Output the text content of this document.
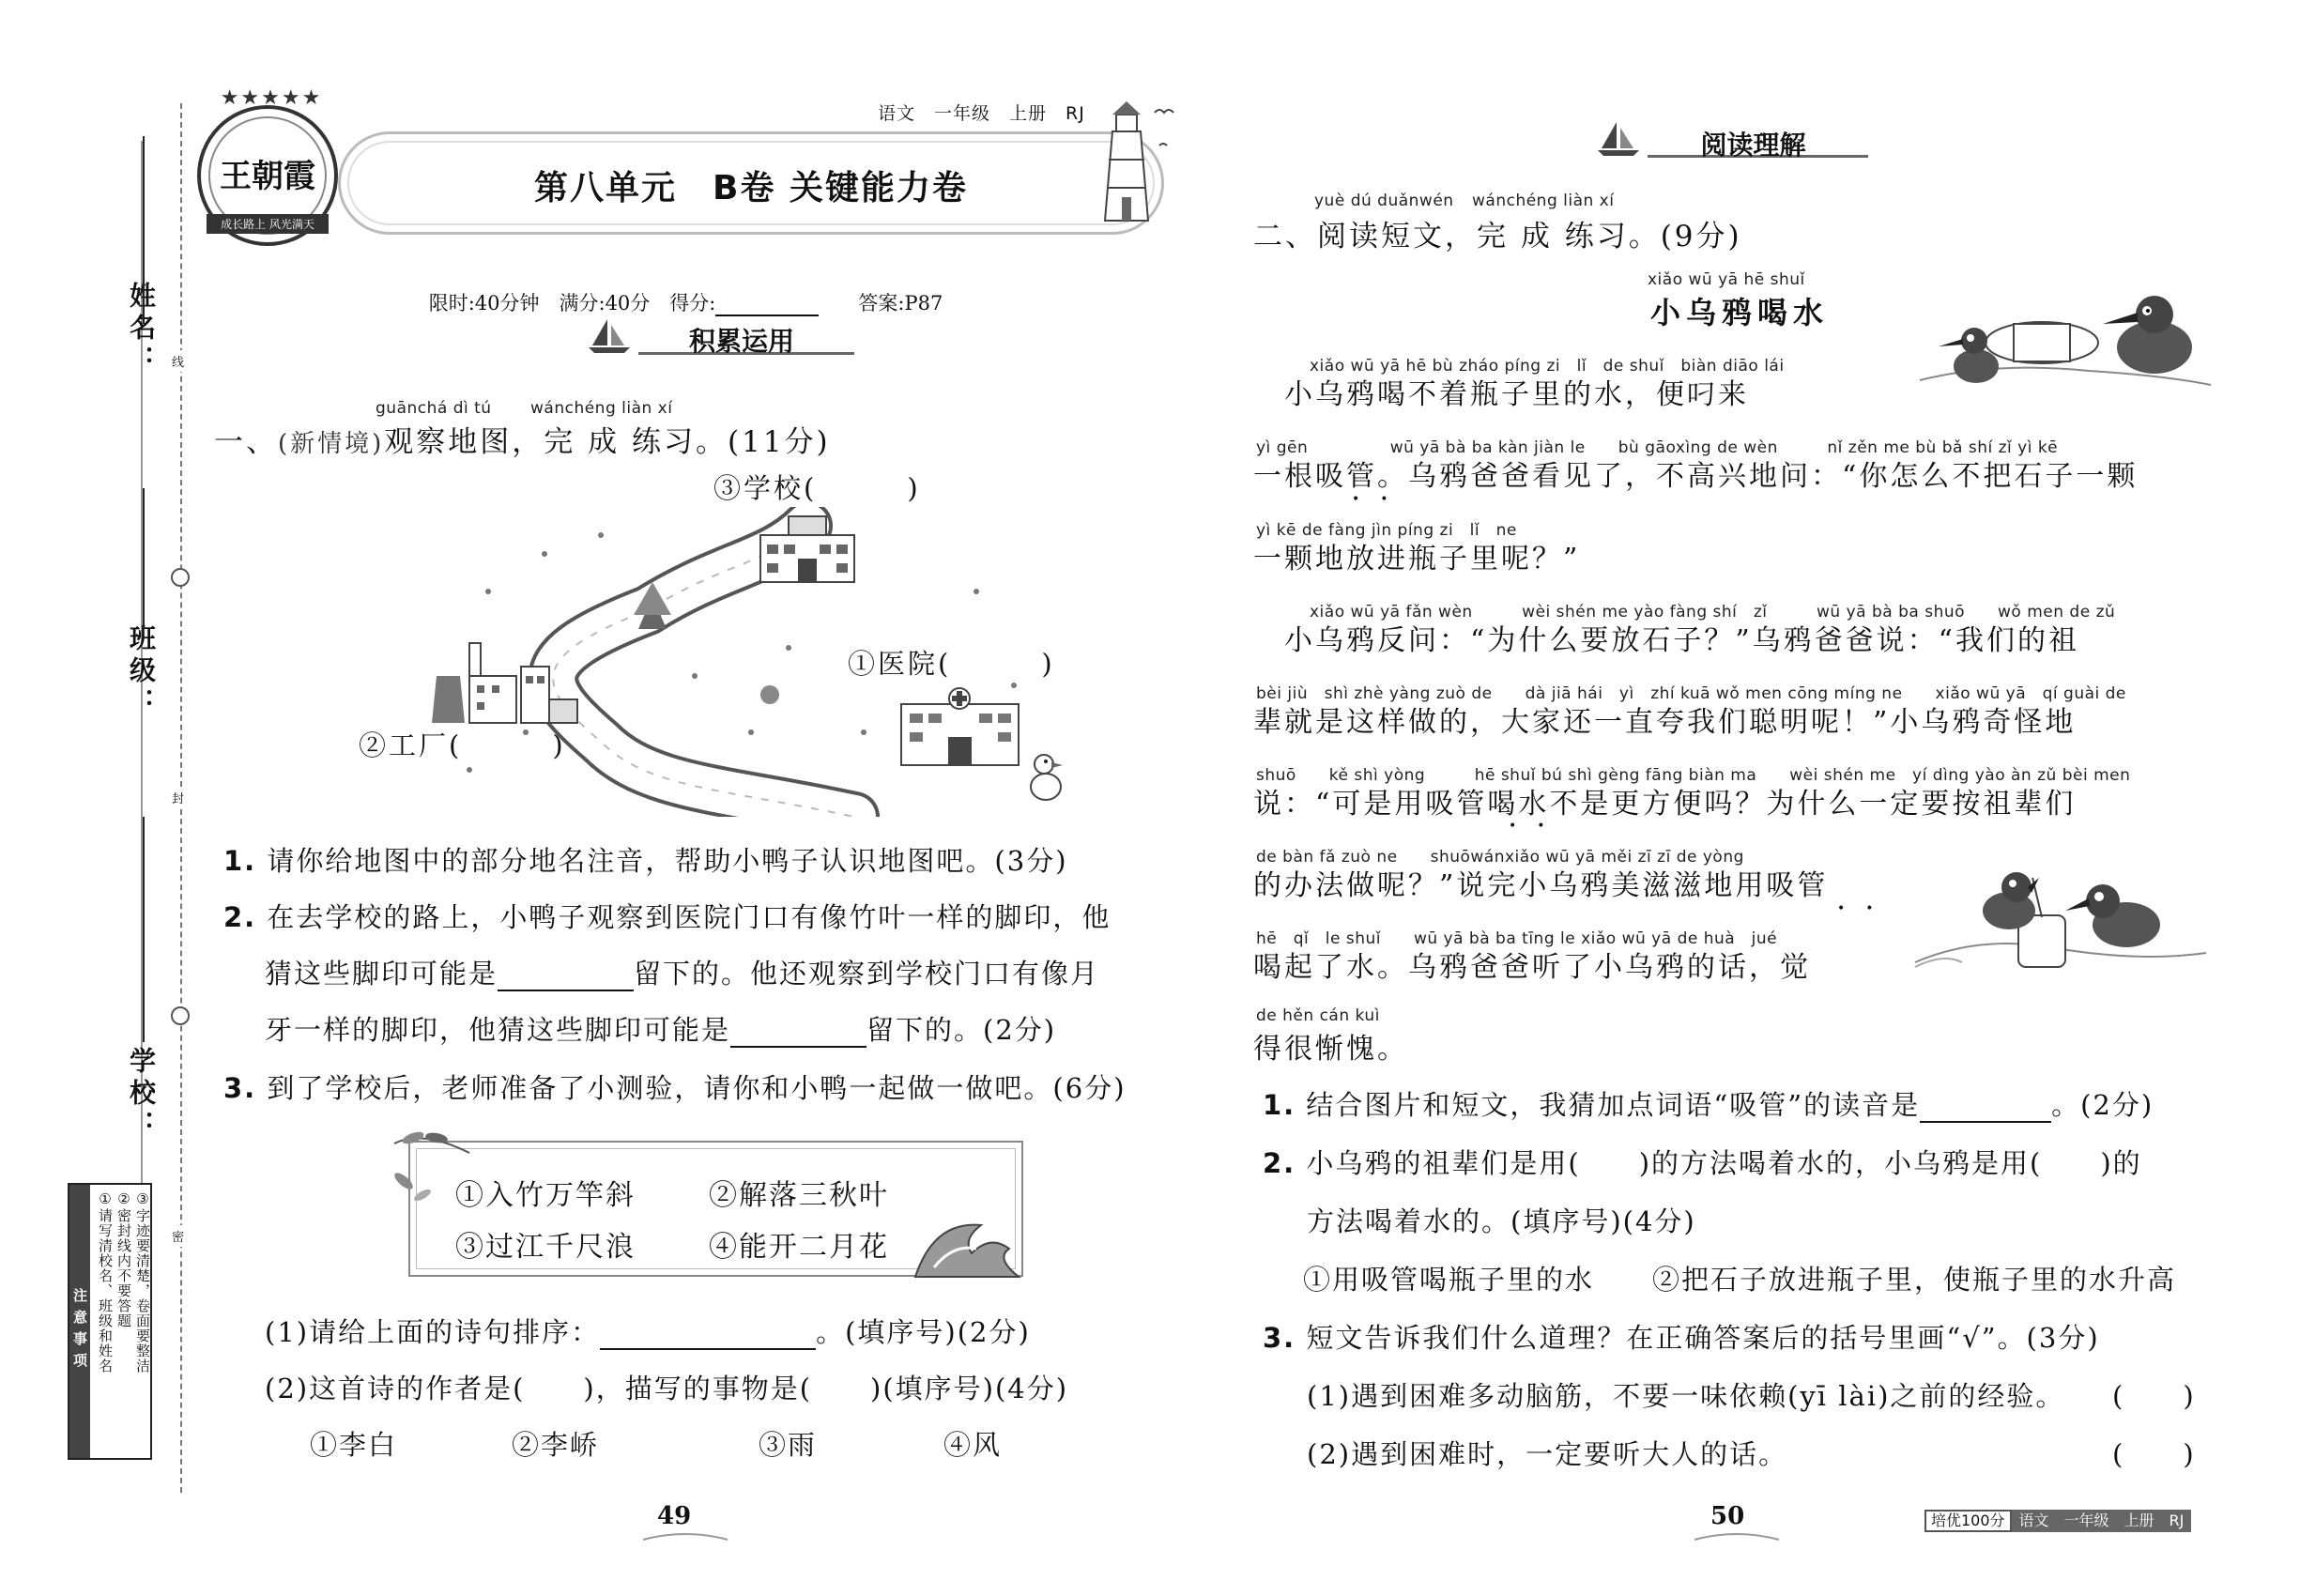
姓名：
班级：
学校：
线
封
密
注意事项 ①请写清校名、班级和姓名 ②密封线内不要答题 ③字迹要清楚，卷面要整洁
★★★★★
王朝霞
成长路上 风光满天
语文　一年级　上册　RJ
第八单元　B卷 关键能力卷

限时:40分钟　满分:40分　得分:　　	答案:P87

积累运用
guānchá dì tú wánchéng liàn xí
一、(新情境)观察地图，完 成 练习。(11分)
③学校(　　　)
①医院(　　　)
②工厂(　　　)
1. 请你给地图中的部分地名注音，帮助小鸭子认识地图吧。(3分)
2. 在去学校的路上，小鸭子观察到医院门口有像竹叶一样的脚印，他
猜这些脚印可能是	留下的。他还观察到学校门口有像月
牙一样的脚印，他猜这些脚印可能是	留下的。(2分)
3. 到了学校后，老师准备了小测验，请你和小鸭一起做一做吧。(6分)
①入竹万竿斜	②解落三秋叶
③过江千尺浪	④能开二月花
(1)请给上面的诗句排序：	。(填序号)(2分)
(2)这首诗的作者是(　　)，描写的事物是(　　)(填序号)(4分)
①李白	②李峤	③雨	④风
49
阅读理解
yuè dú duǎnwén wánchéng liàn xí
二、阅读短文，完 成 练习。(9分)
xiǎo wū yā hē shuǐ
小乌鸦喝水
xiǎo wū yā hē bù zháo píng zi　lǐ　de shuǐ　biàn diāo lái
　小乌鸦喝不着瓶子里的水，便叼来
yì gēn　　　　　wū yā bà ba kàn jiàn le　　bù gāoxìng de wèn　　　nǐ zěn me bù bǎ shí zǐ yì kē
一根吸管。乌鸦爸爸看见了，不高兴地问：“你怎么不把石子一颗
••
yì kē de fàng jìn píng zi　lǐ　ne
一颗地放进瓶子里呢？”
xiǎo wū yā fǎn wèn　　　wèi shén me yào fàng shí　zǐ　　　wū yā bà ba shuō　　wǒ men de zǔ
　小乌鸦反问：“为什么要放石子？”乌鸦爸爸说：“我们的祖
bèi jiù　shì zhè yàng zuò de　　dà jiā hái　yì　zhí kuā wǒ men cōng míng ne　　xiǎo wū yā　qí guài de
辈就是这样做的，大家还一直夸我们聪明呢！”小乌鸦奇怪地
shuō　　kě shì yòng　　　hē shuǐ bú shì gèng fāng biàn ma　　wèi shén me　yí dìng yào àn zǔ bèi men
说：“可是用吸管喝水不是更方便吗？为什么一定要按祖辈们
••
de bàn fǎ zuò ne　　shuōwánxiǎo wū yā měi zī zī de yòng
的办法做呢？”说完小乌鸦美滋滋地用吸管
••
hē　qǐ　le shuǐ　　wū yā bà ba tīng le xiǎo wū yā de huà　jué
喝起了水。乌鸦爸爸听了小乌鸦的话，觉
de hěn cán kuì
得很惭愧。
1. 结合图片和短文，我猜加点词语“吸管”的读音是	。(2分)
2. 小乌鸦的祖辈们是用(　　)的方法喝着水的，小乌鸦是用(　　)的
方法喝着水的。(填序号)(4分)
①用吸管喝瓶子里的水　　②把石子放进瓶子里，使瓶子里的水升高
3. 短文告诉我们什么道理？在正确答案后的括号里画“√”。(3分)
(1)遇到困难多动脑筋，不要一味依赖(yī lài)之前的经验。 (　　)
(2)遇到困难时，一定要听大人的话。	(　　)
50	培优100分 语文　一年级　上册　RJ
